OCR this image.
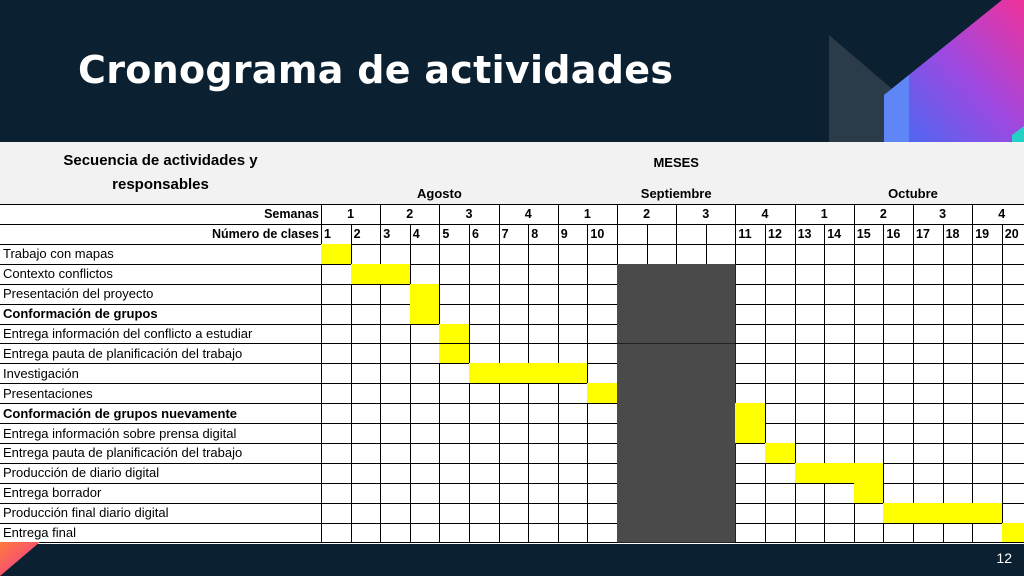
Cronograma de actividades
Secuencia de actividades y responsables
MESES
Agosto	Septiembre	Octubre
Semanas	1	2	3	4	1	2	3	4	1	2	3	4
Número de clases 1	2	3	4	5	6	7	8	9	10	11	12	13	14	15	16	17	18	19	20
Trabajo con mapas
Contexto conflictos
Presentación del proyecto
Conformación de grupos
Entrega información del conflicto a estudiar
Entrega pauta de planificación del trabajo
Investigación
Presentaciones
Conformación de grupos nuevamente
Entrega información sobre prensa digital
Entrega pauta de planificación del trabajo
Producción de diario digital
Entrega borrador
Producción final diario digital
Entrega final
12
